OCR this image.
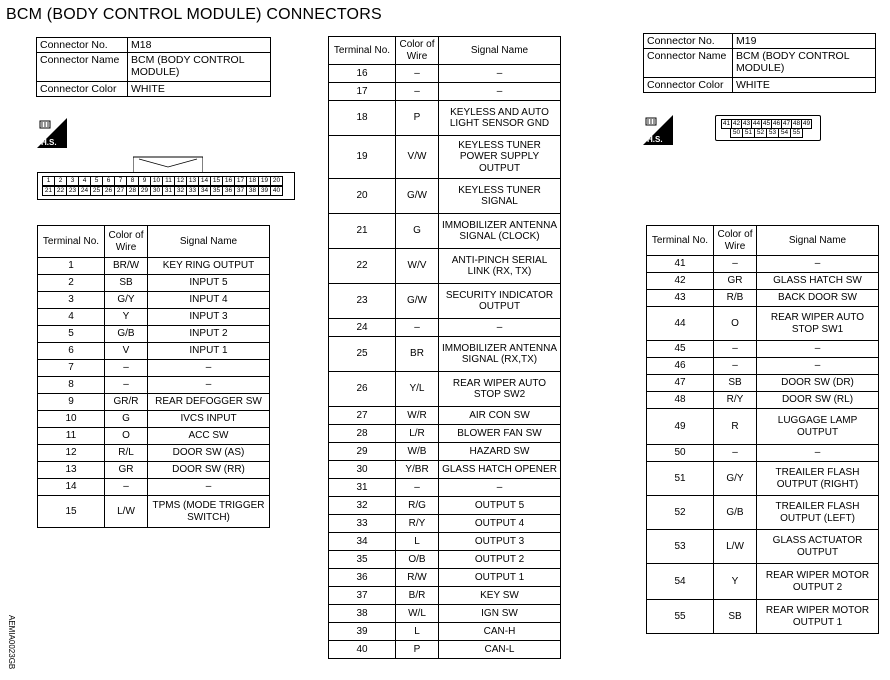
BCM (BODY CONTROL MODULE) CONNECTORS
Connector No.	M18
Connector Name	BCM (BODY CONTROL MODULE)
Connector Color	WHITE
H.S.
1	2	3	4	5	6	7	8	9	10 11 12 13 14 15 16 17 18 19 20
21 22 23 24 25 26 27 28 29 30 31 32 33 34 35 36 37 38 39 40
Terminal No.	Color of Wire	Signal Name
1	BR/W	KEY RING OUTPUT
2	SB	INPUT 5
3	G/Y	INPUT 4
4	Y	INPUT 3
5	G/B	INPUT 2
6	V	INPUT 1
7	–	–
8	–	–
9	GR/R	REAR DEFOGGER SW
10	G	IVCS INPUT
11	O	ACC SW
12	R/L	DOOR SW (AS)
13	GR	DOOR SW (RR)
14	–	–
15	L/W	TPMS (MODE TRIGGER SWITCH)
Terminal No.	Color of Wire	Signal Name
16	–	–
17	–	–
18	P	KEYLESS AND AUTO LIGHT SENSOR GND
19	V/W	KEYLESS TUNER POWER SUPPLY OUTPUT
20	G/W	KEYLESS TUNER SIGNAL
21	G	IMMOBILIZER ANTENNA SIGNAL (CLOCK)
22	W/V	ANTI-PINCH SERIAL LINK (RX, TX)
23	G/W	SECURITY INDICATOR OUTPUT
24	–	–
25	BR	IMMOBILIZER ANTENNA SIGNAL (RX,TX)
26	Y/L	REAR WIPER AUTO STOP SW2
27	W/R	AIR CON SW
28	L/R	BLOWER FAN SW
29	W/B	HAZARD SW
30	Y/BR	GLASS HATCH OPENER
31	–	–
32	R/G	OUTPUT 5
33	R/Y	OUTPUT 4
34	L	OUTPUT 3
35	O/B	OUTPUT 2
36	R/W	OUTPUT 1
37	B/R	KEY SW
38	W/L	IGN SW
39	L	CAN-H
40	P	CAN-L
Connector No.	M19
Connector Name	BCM (BODY CONTROL MODULE)
Connector Color	WHITE
H.S.
41 42 43 44 45 46 47 48 49
50 51 52 53 54 55
Terminal No.	Color of Wire	Signal Name
41	–	–
42	GR	GLASS HATCH SW
43	R/B	BACK DOOR SW
44	O	REAR WIPER AUTO STOP SW1
45	–	–
46	–	–
47	SB	DOOR SW (DR)
48	R/Y	DOOR SW (RL)
49	R	LUGGAGE LAMP OUTPUT
50	–	–
51	G/Y	TREAILER FLASH OUTPUT (RIGHT)
52	G/B	TREAILER FLASH OUTPUT (LEFT)
53	L/W	GLASS ACTUATOR OUTPUT
54	Y	REAR WIPER MOTOR OUTPUT 2
55	SB	REAR WIPER MOTOR OUTPUT 1
AEMIA0023GB
